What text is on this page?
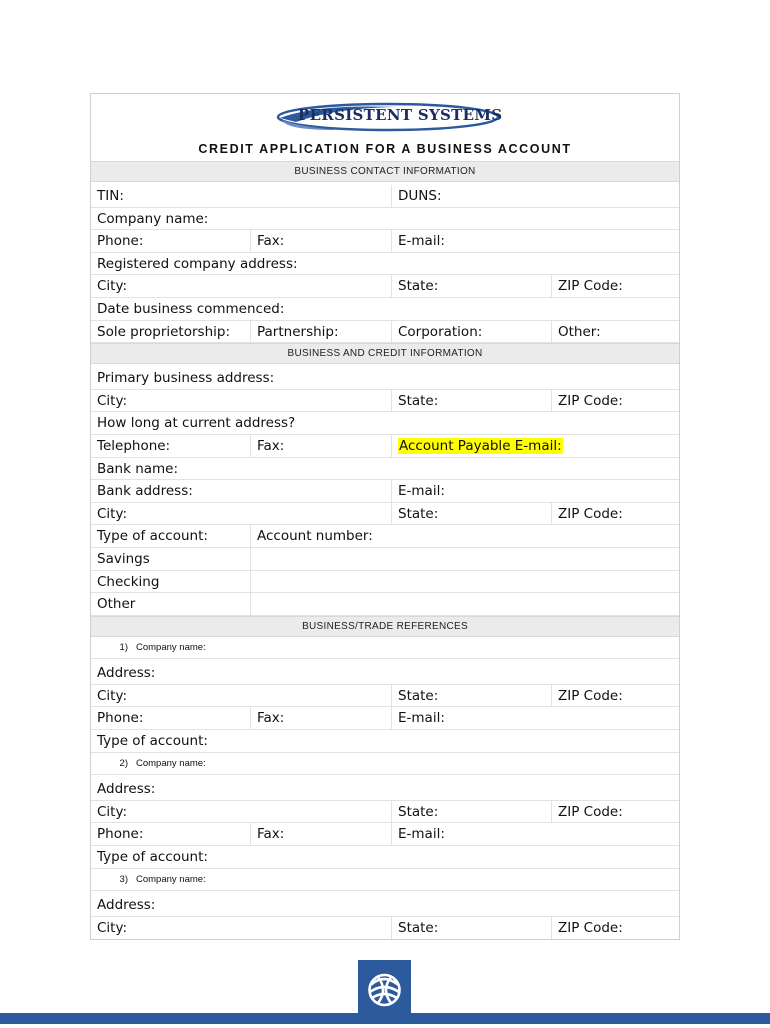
PERSISTENT SYSTEMS
CREDIT APPLICATION FOR A BUSINESS ACCOUNT
BUSINESS CONTACT INFORMATION
TIN:	DUNS:
Company name:
Phone:	Fax:	E-mail:
Registered company address:
City:	State:	ZIP Code:
Date business commenced:
Sole proprietorship:	Partnership:	Corporation:	Other:
BUSINESS AND CREDIT INFORMATION
Primary business address:
City:	State:	ZIP Code:
How long at current address?
Telephone:	Fax:	Account Payable E-mail:
Bank name:
Bank address:	E-mail:
City:	State:	ZIP Code:
Type of account:	Account number:
Savings
Checking
Other
BUSINESS/TRADE REFERENCES
1) Company name:
Address:
City:	State:	ZIP Code:
Phone:	Fax:	E-mail:
Type of account:
2) Company name:
Address:
City:	State:	ZIP Code:
Phone:	Fax:	E-mail:
Type of account:
3) Company name:
Address:
City:	State:	ZIP Code:
